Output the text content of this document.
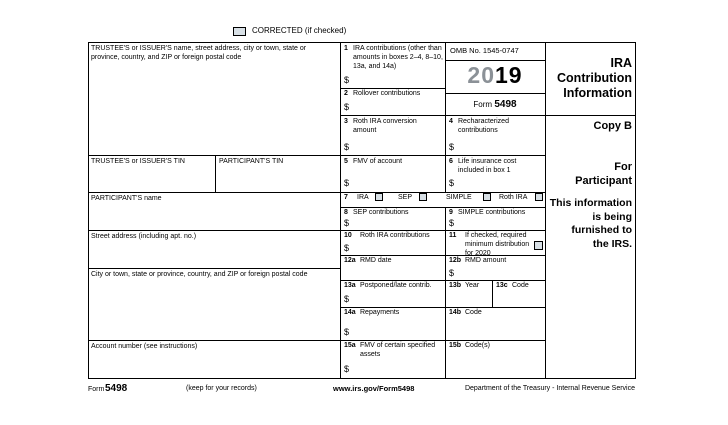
CORRECTED (if checked)
TRUSTEE'S or ISSUER'S name, street address, city or town, state or province, country, and ZIP or foreign postal code
TRUSTEE'S or ISSUER'S TIN	PARTICIPANT'S TIN
PARTICIPANT'S name
Street address (including apt. no.)
City or town, state or province, country, and ZIP or foreign postal code
Account number (see instructions)
1 IRA contributions (other than amounts in boxes 2–4, 8–10, 13a, and 14a)
$
2 Rollover contributions
$
OMB No. 1545-0747
2019
Form 5498
IRA
Contribution
Information
Copy B
For
Participant
This information
is being
furnished to
the IRS.
3 Roth IRA conversion amount
$
4 Recharacterized contributions
$
5 FMV of account
$
6 Life insurance cost included in box 1
$
7 IRA	SEP	SIMPLE	Roth IRA
8 SEP contributions
$
9 SIMPLE contributions
$
10 Roth IRA contributions
$
11 If checked, required minimum distribution for 2020
12a RMD date	12b RMD amount
$
13a Postponed/late contrib.
$
13b Year	13c Code
14a Repayments
$
14b Code
15a FMV of certain specified assets
$
15b Code(s)
Form 5498	(keep for your records)	www.irs.gov/Form5498	Department of the Treasury - Internal Revenue Service
